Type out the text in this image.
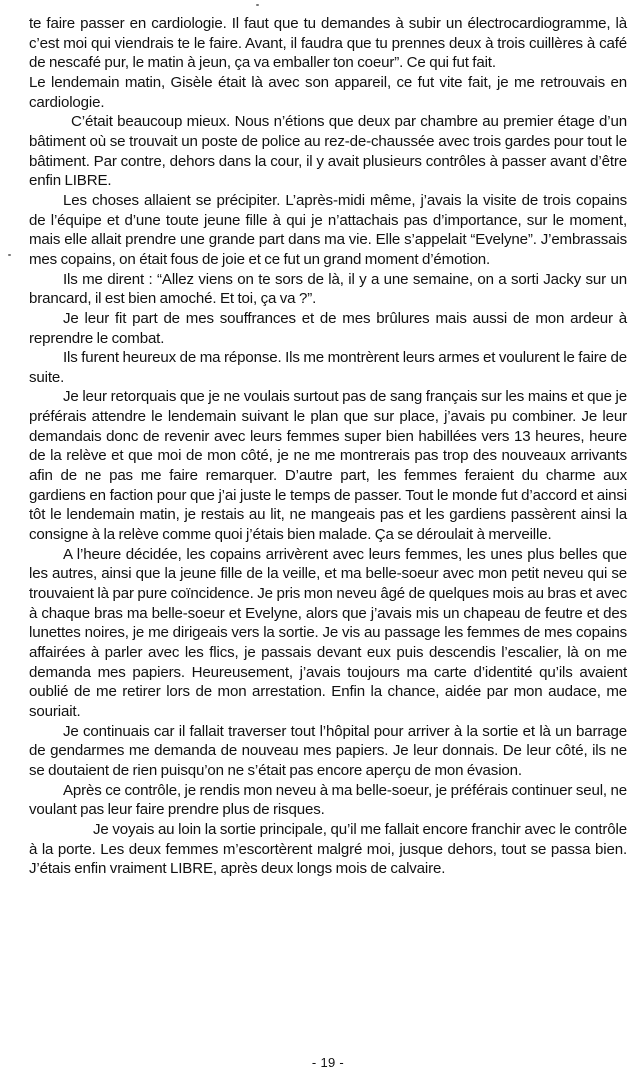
te faire passer en cardiologie. Il faut que tu demandes à subir un électrocardiogramme, là c’est moi qui viendrais te le faire. Avant, il faudra que tu prennes deux à trois cuillères à café de nescafé pur, le matin à jeun, ça va emballer ton coeur”. Ce qui fut fait.

Le lendemain matin, Gisèle était là avec son appareil, ce fut vite fait, je me retrouvais en cardiologie.

C’était beaucoup mieux. Nous n’étions que deux par chambre au premier étage d’un bâtiment où se trouvait un poste de police au rez-de-chaussée avec trois gardes pour tout le bâtiment. Par contre, dehors dans la cour, il y avait plusieurs contrôles à passer avant d’être enfin LIBRE.

Les choses allaient se précipiter. L’après-midi même, j’avais la visite de trois copains de l’équipe et d’une toute jeune fille à qui je n’attachais pas d’importance, sur le moment, mais elle allait prendre une grande part dans ma vie. Elle s’appelait “Evelyne”. J’embrassais mes copains, on était fous de joie et ce fut un grand moment d’émotion.

Ils me dirent : “Allez viens on te sors de là, il y a une semaine, on a sorti Jacky sur un brancard, il est bien amoché. Et toi, ça va ?”.

Je leur fit part de mes souffrances et de mes brûlures mais aussi de mon ardeur à reprendre le combat.

Ils furent heureux de ma réponse. Ils me montrèrent leurs armes et voulurent le faire de suite.

Je leur retorquais que je ne voulais surtout pas de sang français sur les mains et que je préférais attendre le lendemain suivant le plan que sur place, j’avais pu combiner. Je leur demandais donc de revenir avec leurs femmes super bien habillées vers 13 heures, heure de la relève et que moi de mon côté, je ne me montrerais pas trop des nouveaux arrivants afin de ne pas me faire remarquer. D’autre part, les femmes feraient du charme aux gardiens en faction pour que j’ai juste le temps de passer. Tout le monde fut d’accord et ainsi tôt le lendemain matin, je restais au lit, ne mangeais pas et les gardiens passèrent ainsi la consigne à la relève comme quoi j’étais bien malade. Ça se déroulait à merveille.

A l’heure décidée, les copains arrivèrent avec leurs femmes, les unes plus belles que les autres, ainsi que la jeune fille de la veille, et ma belle-soeur avec mon petit neveu qui se trouvaient là par pure coïncidence. Je pris mon neveu âgé de quelques mois au bras et avec à chaque bras ma belle-soeur et Evelyne, alors que j’avais mis un chapeau de feutre et des lunettes noires, je me dirigeais vers la sortie. Je vis au passage les femmes de mes copains affairées à parler avec les flics, je passais devant eux puis descendis l’escalier, là on me demanda mes papiers. Heureusement, j’avais toujours ma carte d’identité qu’ils avaient oublié de me retirer lors de mon arrestation. Enfin la chance, aidée par mon audace, me souriait.

Je continuais car il fallait traverser tout l’hôpital pour arriver à la sortie et là un barrage de gendarmes me demanda de nouveau mes papiers. Je leur donnais. De leur côté, ils ne se doutaient de rien puisqu’on ne s’était pas encore aperçu de mon évasion.

Après ce contrôle, je rendis mon neveu à ma belle-soeur, je préférais continuer seul, ne voulant pas leur faire prendre plus de risques.

Je voyais au loin la sortie principale, qu’il me fallait encore franchir avec le contrôle à la porte. Les deux femmes m’escortèrent malgré moi, jusque dehors, tout se passa bien. J’étais enfin vraiment LIBRE, après deux longs mois de calvaire.

- 19 -
